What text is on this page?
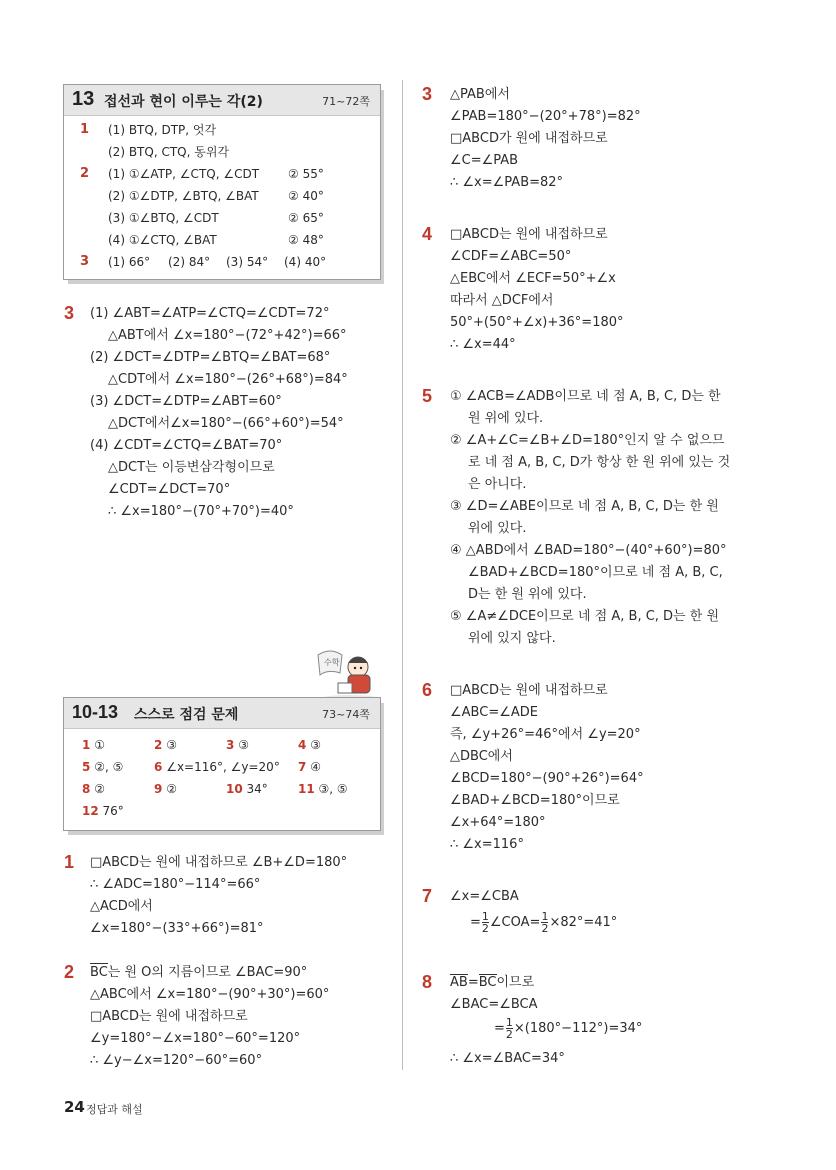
13 접선과 현이 이루는 각(2)	71~72쪽
1 (1) BTQ, DTP, 엇각
(2) BTQ, CTQ, 동위각
2 (1) ①∠ATP, ∠CTQ, ∠CDT ② 55°
(2) ①∠DTP, ∠BTQ, ∠BAT ② 40°
(3) ①∠BTQ, ∠CDT	② 65°
(4) ①∠CTQ, ∠BAT	② 48°
3 (1) 66° (2) 84° (3) 54° (4) 40°
3 (1) ∠ABT=∠ATP=∠CTQ=∠CDT=72°
△ABT에서 ∠x=180°−(72°+42°)=66°
(2) ∠DCT=∠DTP=∠BTQ=∠BAT=68°
△CDT에서 ∠x=180°−(26°+68°)=84°
(3) ∠DCT=∠DTP=∠ABT=60°
△DCT에서∠x=180°−(66°+60°)=54°
(4) ∠CDT=∠CTQ=∠BAT=70°
△DCT는 이등변삼각형이므로
∠CDT=∠DCT=70°
∴ ∠x=180°−(70°+70°)=40°
수학
10-13 스스로 점검 문제	73~74쪽
1 ①	2 ③	3 ③	4 ③
5 ②, ⑤	6 ∠x=116°, ∠y=20° 7 ④
8 ②	9 ②	10 34°	11 ③, ⑤
12 76°
1 □ABCD는 원에 내접하므로 ∠B+∠D=180°
∴ ∠ADC=180°−114°=66°
△ACD에서
∠x=180°−(33°+66°)=81°
2 BC는 원 O의 지름이므로 ∠BAC=90°
△ABC에서 ∠x=180°−(90°+30°)=60°
□ABCD는 원에 내접하므로
∠y=180°−∠x=180°−60°=120°
∴ ∠y−∠x=120°−60°=60°
3 △PAB에서
∠PAB=180°−(20°+78°)=82°
□ABCD가 원에 내접하므로
∠C=∠PAB
∴ ∠x=∠PAB=82°
4 □ABCD는 원에 내접하므로
∠CDF=∠ABC=50°
△EBC에서 ∠ECF=50°+∠x
따라서 △DCF에서
50°+(50°+∠x)+36°=180°
∴ ∠x=44°
5 ① ∠ACB=∠ADB이므로 네 점 A, B, C, D는 한
원 위에 있다.
② ∠A+∠C=∠B+∠D=180°인지 알 수 없으므
로 네 점 A, B, C, D가 항상 한 원 위에 있는 것
은 아니다.
③ ∠D=∠ABE이므로 네 점 A, B, C, D는 한 원
위에 있다.
④ △ABD에서 ∠BAD=180°−(40°+60°)=80°
∠BAD+∠BCD=180°이므로 네 점 A, B, C,
D는 한 원 위에 있다.
⑤ ∠A≠∠DCE이므로 네 점 A, B, C, D는 한 원
위에 있지 않다.
6 □ABCD는 원에 내접하므로
∠ABC=∠ADE
즉, ∠y+26°=46°에서 ∠y=20°
△DBC에서
∠BCD=180°−(90°+26°)=64°
∠BAD+∠BCD=180°이므로
∠x+64°=180°
∴ ∠x=116°
7 ∠x=∠CBA
= $\frac{1}{2}$ ∠COA= $\frac{1}{2} \times 82^\circ=41^\circ$
8 AB=BC이므로
∠BAC=∠BCA
= $\frac{1}{2} \times(180^\circ-112^\circ)=34^\circ$
∴ ∠x=∠BAC=34°
24 정답과 해설
